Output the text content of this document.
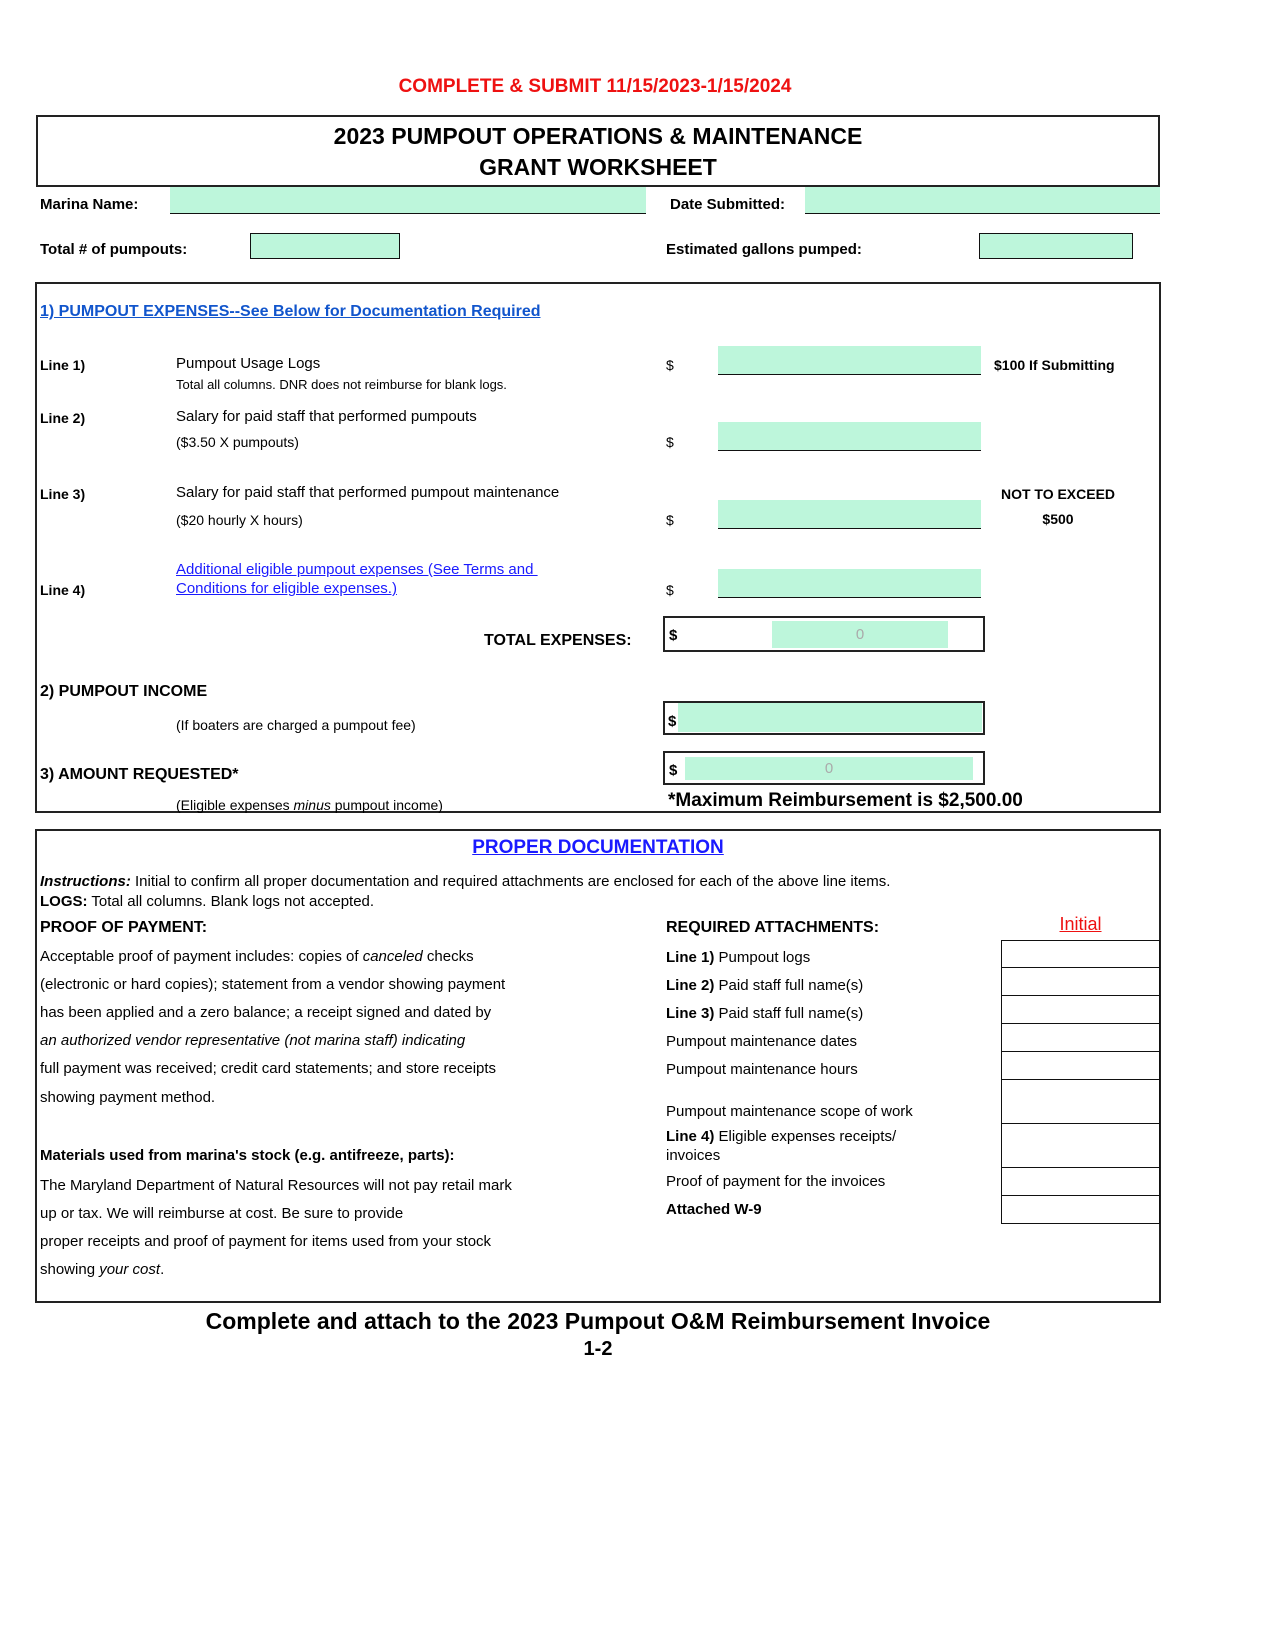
COMPLETE & SUBMIT 11/15/2023-1/15/2024
2023 PUMPOUT OPERATIONS & MAINTENANCE
GRANT WORKSHEET
Marina Name:	Date Submitted:
Total # of pumpouts:	Estimated gallons pumped:
1) PUMPOUT EXPENSES--See Below for Documentation Required
Line 1)	Pumpout Usage Logs
Total all columns. DNR does not reimburse for blank logs.
$	$100 If Submitting
Line 2)	Salary for paid staff that performed pumpouts
($3.50 X pumpouts)	$
Line 3)	Salary for paid staff that performed pumpout maintenance
($20 hourly X hours)	$
NOT TO EXCEED
$500
Line 4)
Additional eligible pumpout expenses (See Terms and
Conditions for eligible expenses.)	$
TOTAL EXPENSES: $	0
2) PUMPOUT INCOME
(If boaters are charged a pumpout fee)	$
3) AMOUNT REQUESTED*
(Eligible expenses minus pumpout income)
$	0
*Maximum Reimbursement is $2,500.00
PROPER DOCUMENTATION
Instructions: Initial to confirm all proper documentation and required attachments are enclosed for each of the above line items.
LOGS: Total all columns. Blank logs not accepted.
PROOF OF PAYMENT:
Acceptable proof of payment includes: copies of canceled checks
(electronic or hard copies); statement from a vendor showing payment
has been applied and a zero balance; a receipt signed and dated by
an authorized vendor representative (not marina staff) indicating
full payment was received; credit card statements; and store receipts
showing payment method.
Materials used from marina's stock (e.g. antifreeze, parts):
The Maryland Department of Natural Resources will not pay retail mark
up or tax. We will reimburse at cost. Be sure to provide
proper receipts and proof of payment for items used from your stock
showing your cost.
REQUIRED ATTACHMENTS:	Initial
Line 1) Pumpout logs
Line 2) Paid staff full name(s)
Line 3) Paid staff full name(s)
Pumpout maintenance dates
Pumpout maintenance hours
Pumpout maintenance scope of work
Line 4) Eligible expenses receipts/
invoices
Proof of payment for the invoices
Attached W-9
Complete and attach to the 2023 Pumpout O&M Reimbursement Invoice
1-2
